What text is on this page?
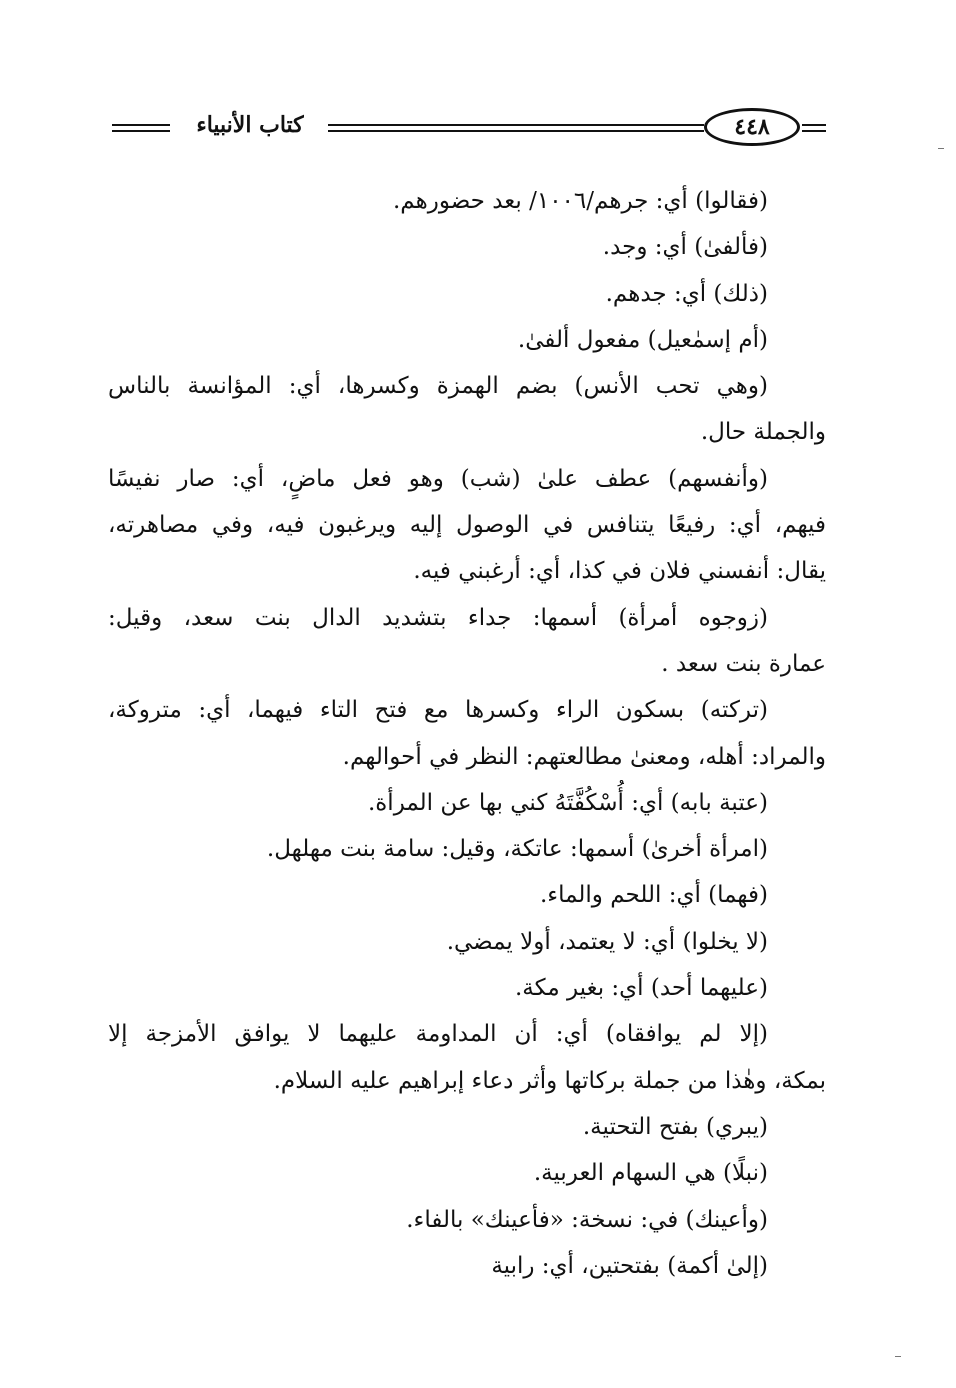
كتاب الأنبياء	٤٤٨
(فقالوا) أي: جرهم/١٠٠٦/ بعد حضورهم.
(فألفىٰ) أي: وجد.
(ذلك) أي: جدهم.
(أم إسمٰعيل) مفعول ألفىٰ.
(وهي تحب الأنس) بضم الهمزة وكسرها، أي: المؤانسة بالناس
والجملة حال.
(وأنفسهم) عطف علىٰ (شب) وهو فعل ماضٍ، أي: صار نفيسًا
فيهم، أي: رفيعًا يتنافس في الوصول إليه ويرغبون فيه، وفي مصاهرته،
يقال: أنفسني فلان في كذا، أي: أرغبني فيه.
(زوجوه أمرأة) أسمها: جداء بتشديد الدال بنت سعد، وقيل:
عمارة بنت سعد .
(تركته) بسكون الراء وكسرها مع فتح التاء فيهما، أي: متروكة،
والمراد: أهله، ومعنىٰ مطالعتهم: النظر في أحوالهم.
(عتبة بابه) أي: أُسْكُفَّتَهُ كني بها عن المرأة.
(امرأة أخرىٰ) أسمها: عاتكة، وقيل: سامة بنت مهلهل.
(فهما) أي: اللحم والماء.
(لا يخلوا) أي: لا يعتمد، أولا يمضي.
(عليهما أحد) أي: بغير مكة.
(إلا لم يوافقاه) أي: أن المداومة عليهما لا يوافق الأمزجة إلا
بمكة، وهٰذا من جملة بركاتها وأثر دعاء إبراهيم عليه السلام.
(يبري) بفتح التحتية.
(نبلًا) هي السهام العربية.
(وأعينك) في: نسخة: «فأعينك» بالفاء.
(إلىٰ أكمة) بفتحتين، أي: رابية
